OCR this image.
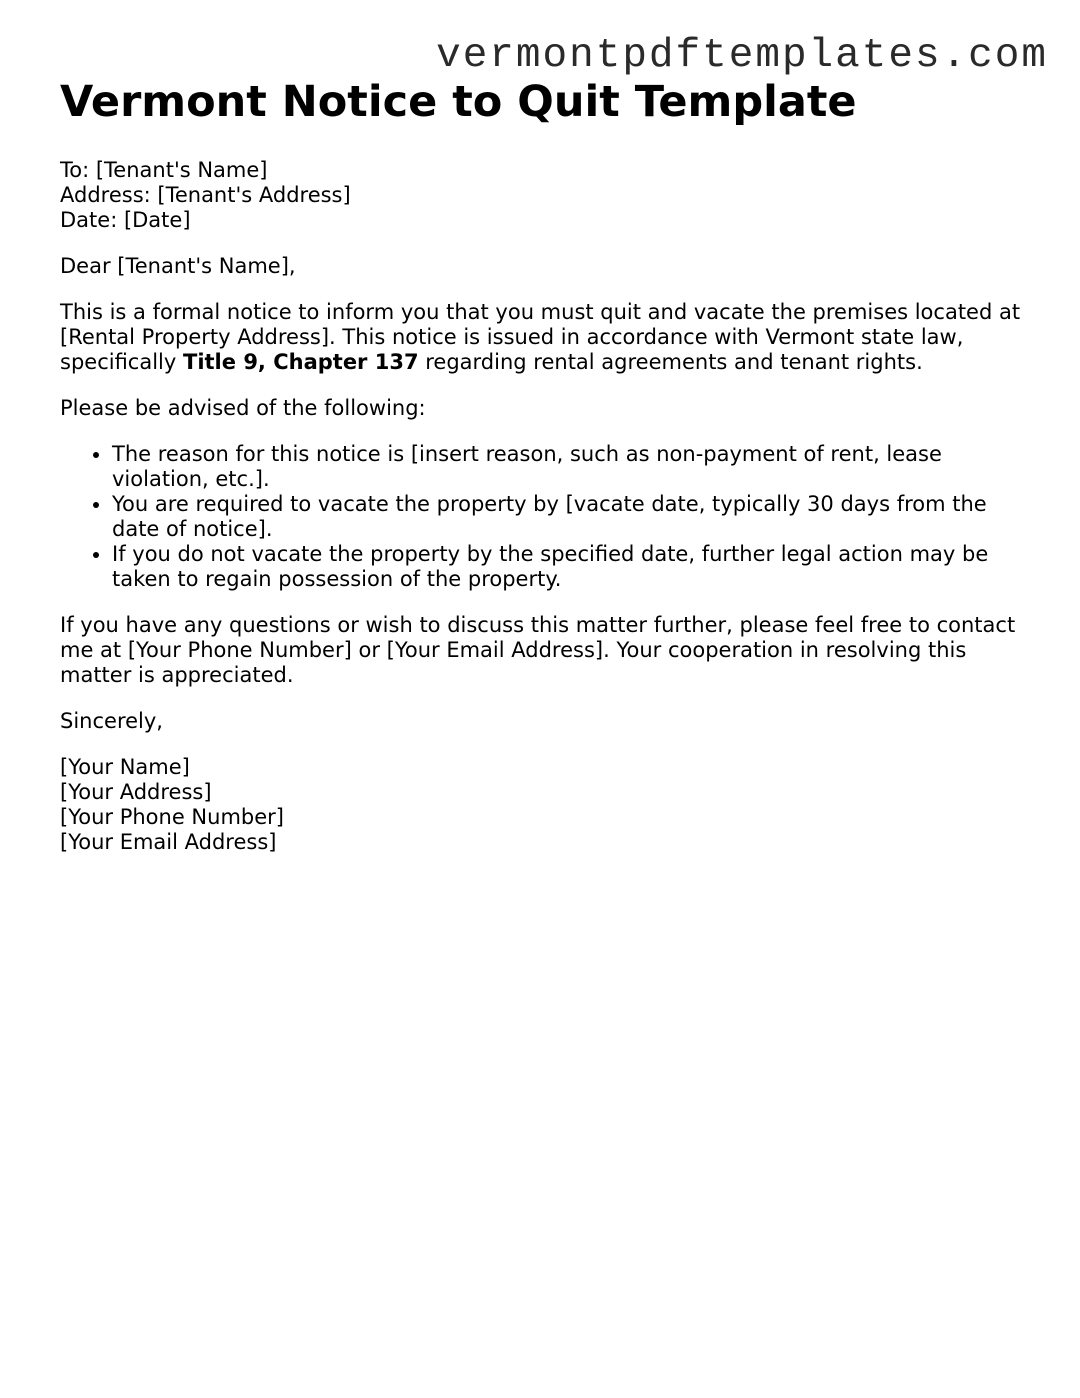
vermontpdftemplates.com
Vermont Notice to Quit Template
To: [Tenant's Name]
Address: [Tenant's Address]
Date: [Date]

Dear [Tenant's Name],

This is a formal notice to inform you that you must quit and vacate the premises located at [Rental Property Address]. This notice is issued in accordance with Vermont state law, specifically Title 9, Chapter 137 regarding rental agreements and tenant rights.

Please be advised of the following:

• The reason for this notice is [insert reason, such as non-payment of rent, lease violation, etc.].
• You are required to vacate the property by [vacate date, typically 30 days from the date of notice].
• If you do not vacate the property by the specified date, further legal action may be taken to regain possession of the property.

If you have any questions or wish to discuss this matter further, please feel free to contact me at [Your Phone Number] or [Your Email Address]. Your cooperation in resolving this matter is appreciated.

Sincerely,

[Your Name]
[Your Address]
[Your Phone Number]
[Your Email Address]
